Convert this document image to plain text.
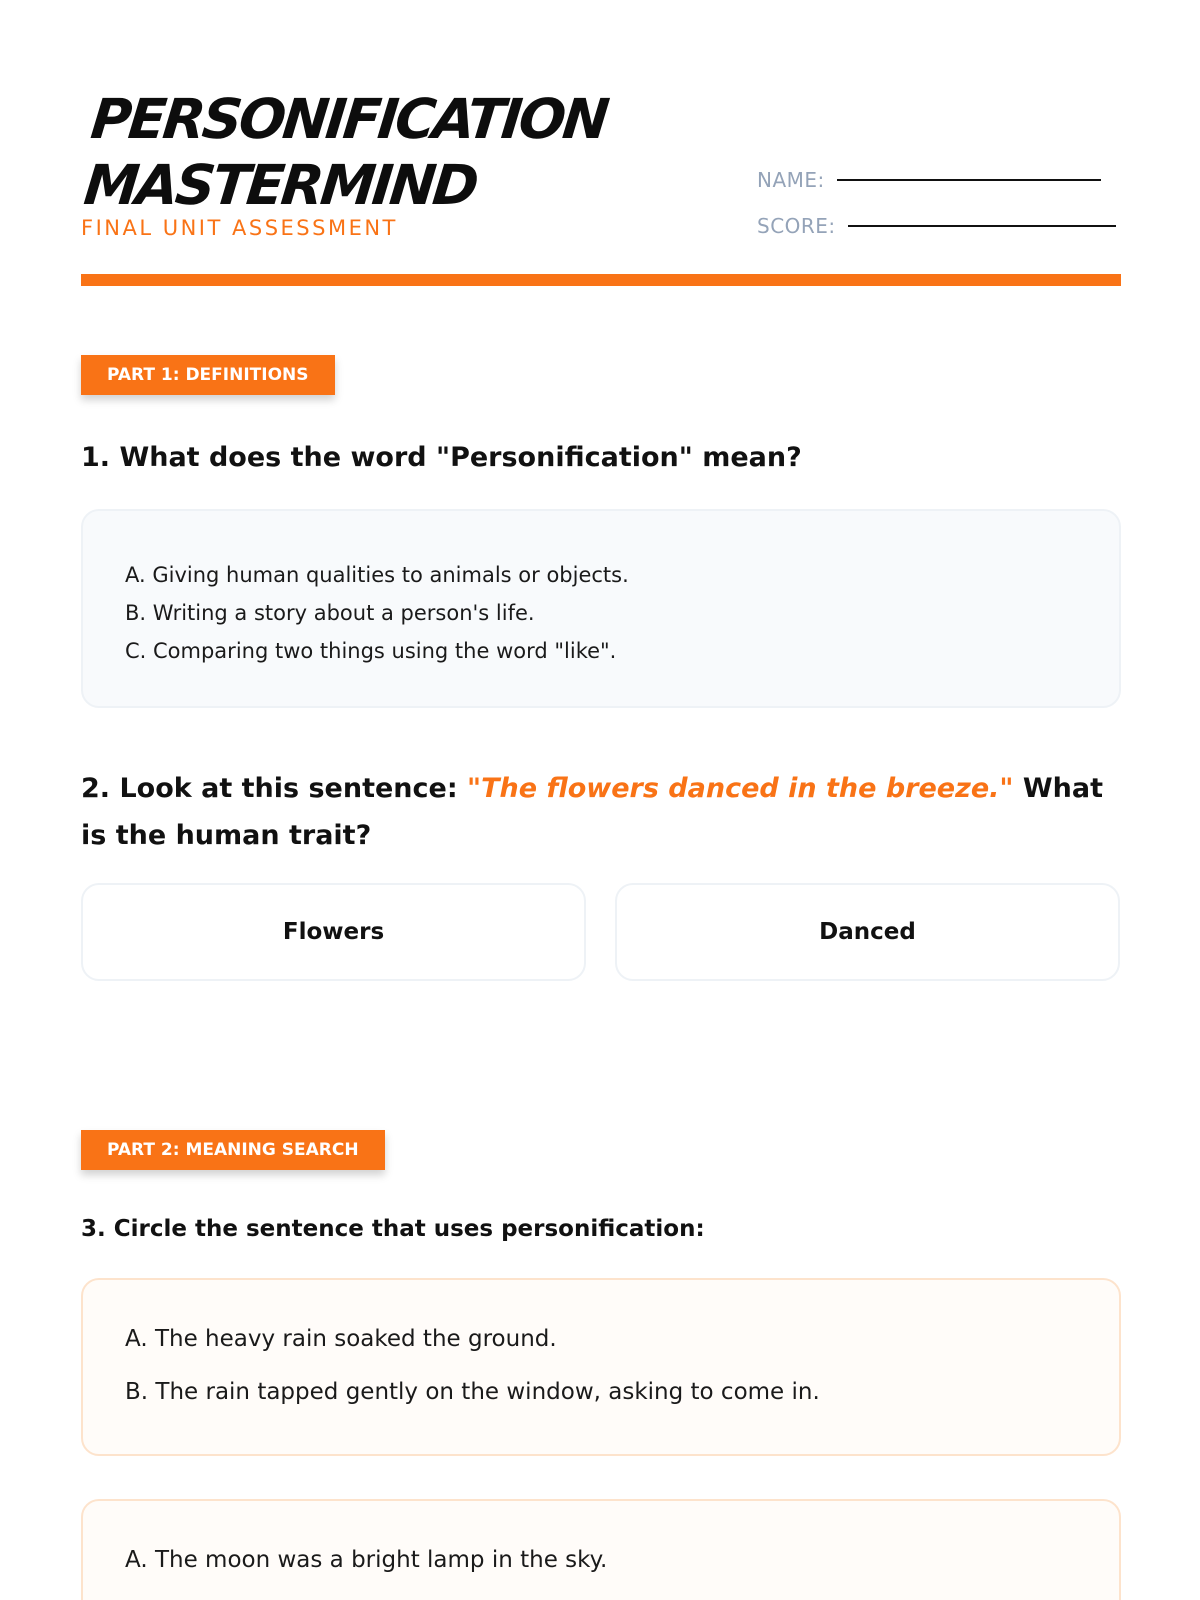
PERSONIFICATION
MASTERMIND
FINAL UNIT ASSESSMENT
NAME:
SCORE:
PART 1: DEFINITIONS
1. What does the word "Personification" mean?
A. Giving human qualities to animals or objects.
B. Writing a story about a person's life.
C. Comparing two things using the word "like".
2. Look at this sentence: "The flowers danced in the breeze." What is the human trait?
Flowers	Danced
PART 2: MEANING SEARCH
3. Circle the sentence that uses personification:
A. The heavy rain soaked the ground.
B. The rain tapped gently on the window, asking to come in.
A. The moon was a bright lamp in the sky.
